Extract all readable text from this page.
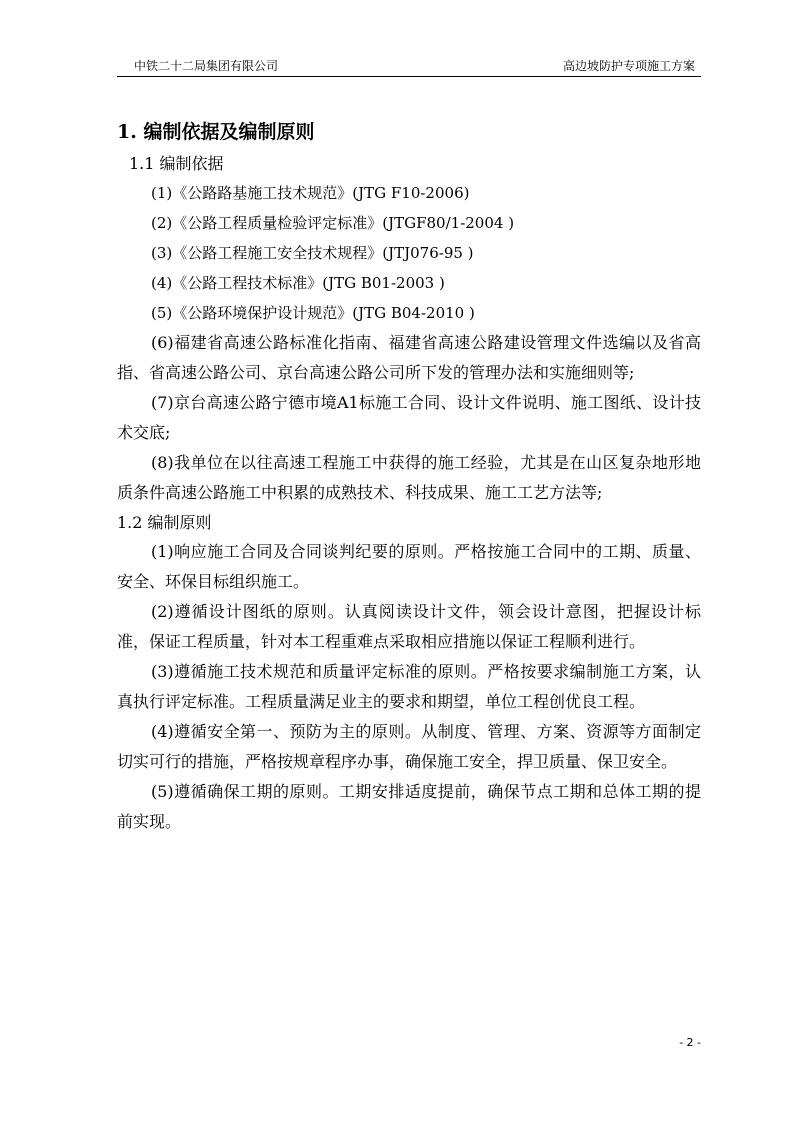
中铁二十二局集团有限公司	高边坡防护专项施工方案
1. 编制依据及编制原则
1.1 编制依据
(1)《公路路基施工技术规范》(JTG F10-2006)
(2)《公路工程质量检验评定标准》(JTGF80/1-2004 )
(3)《公路工程施工安全技术规程》(JTJ076-95 )
(4)《公路工程技术标准》(JTG B01-2003 )
(5)《公路环境保护设计规范》(JTG B04-2010 )

(6)福建省高速公路标准化指南、福建省高速公路建设管理文件选编以及省高指、省高速公路公司、京台高速公路公司所下发的管理办法和实施细则等;

(7)京台高速公路宁德市境A1标施工合同、设计文件说明、施工图纸、设计技术交底;

(8)我单位在以往高速工程施工中获得的施工经验，尤其是在山区复杂地形地质条件高速公路施工中积累的成熟技术、科技成果、施工工艺方法等;

1.2 编制原则

(1)响应施工合同及合同谈判纪要的原则。严格按施工合同中的工期、质量、安全、环保目标组织施工。

(2)遵循设计图纸的原则。认真阅读设计文件，领会设计意图，把握设计标准，保证工程质量，针对本工程重难点采取相应措施以保证工程顺利进行。

(3)遵循施工技术规范和质量评定标准的原则。严格按要求编制施工方案，认真执行评定标准。工程质量满足业主的要求和期望，单位工程创优良工程。

(4)遵循安全第一、预防为主的原则。从制度、管理、方案、资源等方面制定切实可行的措施，严格按规章程序办事，确保施工安全，捍卫质量、保卫安全。

(5)遵循确保工期的原则。工期安排适度提前，确保节点工期和总体工期的提前实现。

- 2 -
